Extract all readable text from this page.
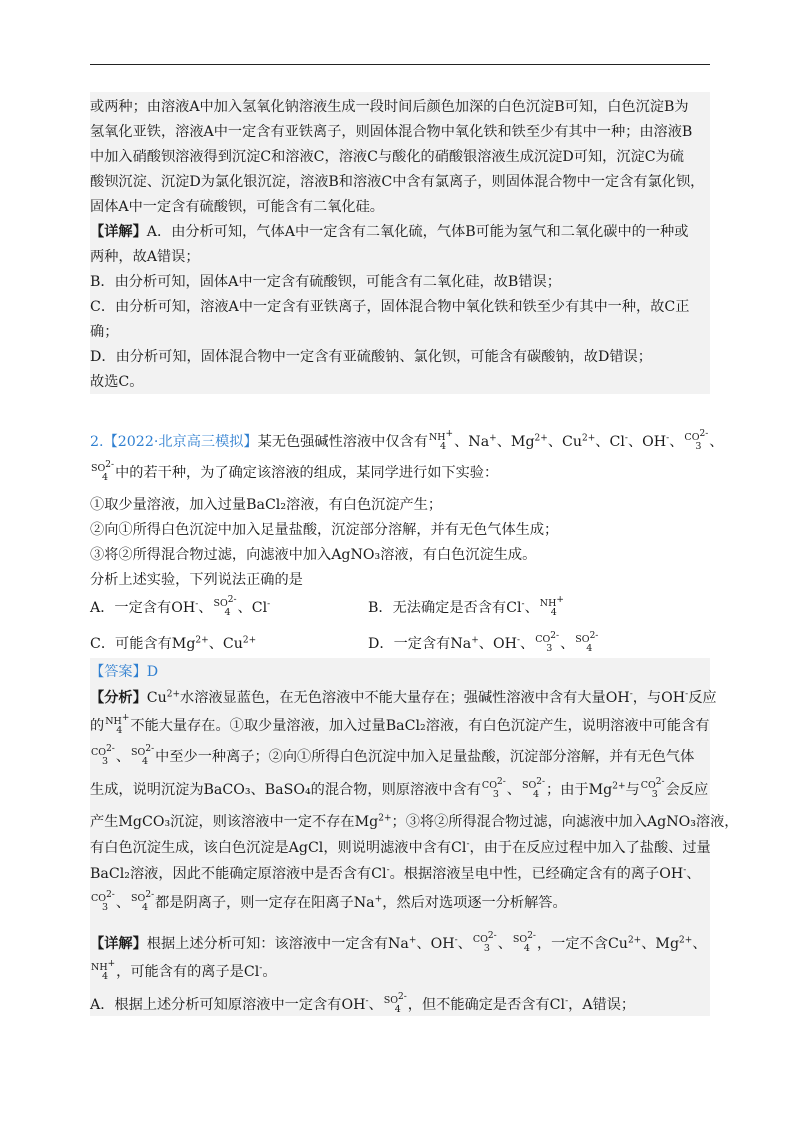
或两种；由溶液A中加入氢氧化钠溶液生成一段时间后颜色加深的白色沉淀B可知，白色沉淀B为
氢氧化亚铁，溶液A中一定含有亚铁离子，则固体混合物中氧化铁和铁至少有其中一种；由溶液B
中加入硝酸钡溶液得到沉淀C和溶液C，溶液C与酸化的硝酸银溶液生成沉淀D可知，沉淀C为硫
酸钡沉淀、沉淀D为氯化银沉淀，溶液B和溶液C中含有氯离子，则固体混合物中一定含有氯化钡，
固体A中一定含有硫酸钡，可能含有二氧化硅。
【详解】A．由分析可知，气体A中一定含有二氧化硫，气体B可能为氢气和二氧化碳中的一种或
两种，故A错误；
B．由分析可知，固体A中一定含有硫酸钡，可能含有二氧化硅，故B错误；
C．由分析可知，溶液A中一定含有亚铁离子，固体混合物中氧化铁和铁至少有其中一种，故C正
确；
D．由分析可知，固体混合物中一定含有亚硫酸钠、氯化钡，可能含有碳酸钠，故D错误；
故选C。
2.【2022·北京高三模拟】某无色强碱性溶液中仅含有 NH+
4 、Na+、$Mg^{2+}$、$Cu^{2+}$、Cl-、OH-、 $CO^{2-}$
3 、
$SO^{2-}$
4 中的若干种，为了确定该溶液的组成，某同学进行如下实验：
①取少量溶液，加入过量BaCl₂溶液，有白色沉淀产生；
②向①所得白色沉淀中加入足量盐酸，沉淀部分溶解，并有无色气体生成；
③将②所得混合物过滤，向滤液中加入AgNO₃溶液，有白色沉淀生成。
分析上述实验，下列说法正确的是
A．一定含有OH-、 $SO^{2-}$
4 、Cl-	B．无法确定是否含有Cl-、 NH+
4
C．可能含有$Mg^{2+}$、$Cu^{2+}$	D．一定含有Na+、OH-、 $CO^{2-}$
3 、 $SO^{2-}$
4
【答案】D
【分析】$Cu^{2+}$水溶液显蓝色，在无色溶液中不能大量存在；强碱性溶液中含有大量OH-，与OH-反应
的 NH+
4 不能大量存在。①取少量溶液，加入过量BaCl₂溶液，有白色沉淀产生，说明溶液中可能含有
$CO^{2-}$
3 、 $SO^{2-}$
4 中至少一种离子；②向①所得白色沉淀中加入足量盐酸，沉淀部分溶解，并有无色气体
生成，说明沉淀为BaCO₃、BaSO₄的混合物，则原溶液中含有 $CO^{2-}$
3 、 $SO^{2-}$
4 ；由于$Mg^{2+}$与 $CO^{2-}$
3 会反应
产生MgCO₃沉淀，则该溶液中一定不存在$Mg^{2+}$；③将②所得混合物过滤，向滤液中加入AgNO₃溶液，
有白色沉淀生成，该白色沉淀是AgCl，则说明滤液中含有Cl-，由于在反应过程中加入了盐酸、过量
BaCl₂溶液，因此不能确定原溶液中是否含有Cl-。根据溶液呈电中性，已经确定含有的离子OH-、
$CO^{2-}$
3 、 $SO^{2-}$
4 都是阴离子，则一定存在阳离子Na+，然后对选项逐一分析解答。
【详解】根据上述分析可知：该溶液中一定含有Na+、OH-、 $CO^{2-}$
3 、 $SO^{2-}$
4 ，一定不含$Cu^{2+}$、$Mg^{2+}$、
NH+
4 ，可能含有的离子是Cl-。
A．根据上述分析可知原溶液中一定含有OH-、 $SO^{2-}$
4 ，但不能确定是否含有Cl-，A错误；
